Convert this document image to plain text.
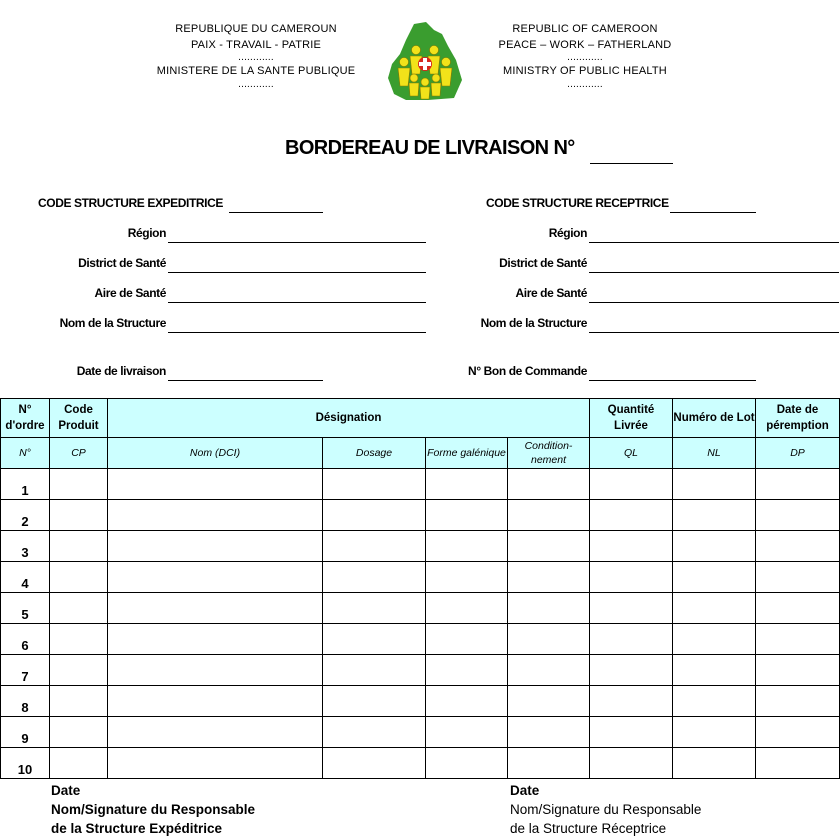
REPUBLIQUE DU CAMEROUN
PAIX - TRAVAIL - PATRIE
............
MINISTERE DE LA SANTE PUBLIQUE
............
REPUBLIC OF CAMEROON
PEACE – WORK – FATHERLAND
............
MINISTRY OF PUBLIC HEALTH
............
BORDEREAU DE LIVRAISON N°
CODE STRUCTURE EXPEDITRICE
Région
District de Santé
Aire de Santé
Nom de la Structure
Date de livraison
CODE STRUCTURE RECEPTRICE
Région
District de Santé
Aire de Santé
Nom de la Structure
N° Bon de Commande
N° d'ordre	Code Produit	Désignation				Quantité Livrée	Numéro de Lot	Date de péremption
N°	CP	Nom (DCI)	Dosage	Forme galénique	Condition-nement	QL	NL	DP
1								
2								
3								
4								
5								
6								
7								
8								
9								
10								
Date
Nom/Signature du Responsable
de la Structure Expéditrice
Date
Nom/Signature du Responsable
de la Structure Réceptrice
